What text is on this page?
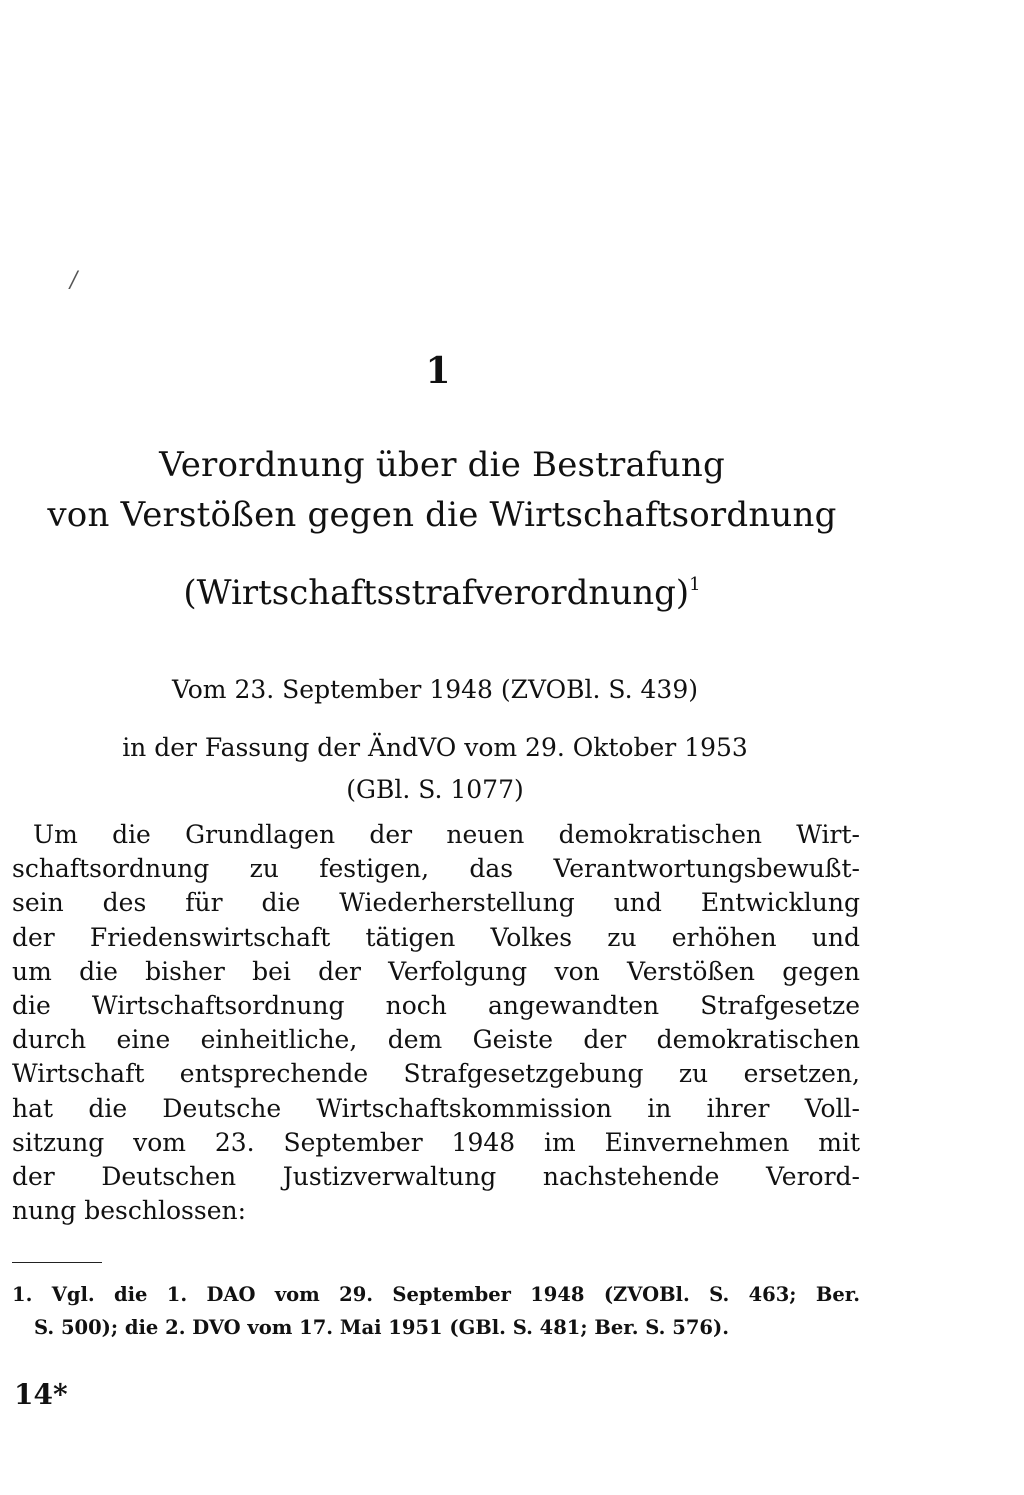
/
1
Verordnung über die Bestrafung
von Verstößen gegen die Wirtschaftsordnung
(Wirtschaftsstrafverordnung)$^1$
Vom 23. September 1948 (ZVOBl. S. 439)
in der Fassung der ÄndVO vom 29. Oktober 1953
(GBl. S. 1077)
Um die Grundlagen der neuen demokratischen Wirt-
schaftsordnung zu festigen, das Verantwortungsbewußt-
sein des für die Wiederherstellung und Entwicklung
der Friedenswirtschaft tätigen Volkes zu erhöhen und
um die bisher bei der Verfolgung von Verstößen gegen
die Wirtschaftsordnung noch angewandten Strafgesetze
durch eine einheitliche, dem Geiste der demokratischen
Wirtschaft entsprechende Strafgesetzgebung zu ersetzen,
hat die Deutsche Wirtschaftskommission in ihrer Voll-
sitzung vom 23. September 1948 im Einvernehmen mit
der Deutschen Justizverwaltung nachstehende Verord-
nung beschlossen:
1. Vgl. die 1. DAO vom 29. September 1948 (ZVOBl. S. 463; Ber.
S. 500); die 2. DVO vom 17. Mai 1951 (GBl. S. 481; Ber. S. 576).
14*
